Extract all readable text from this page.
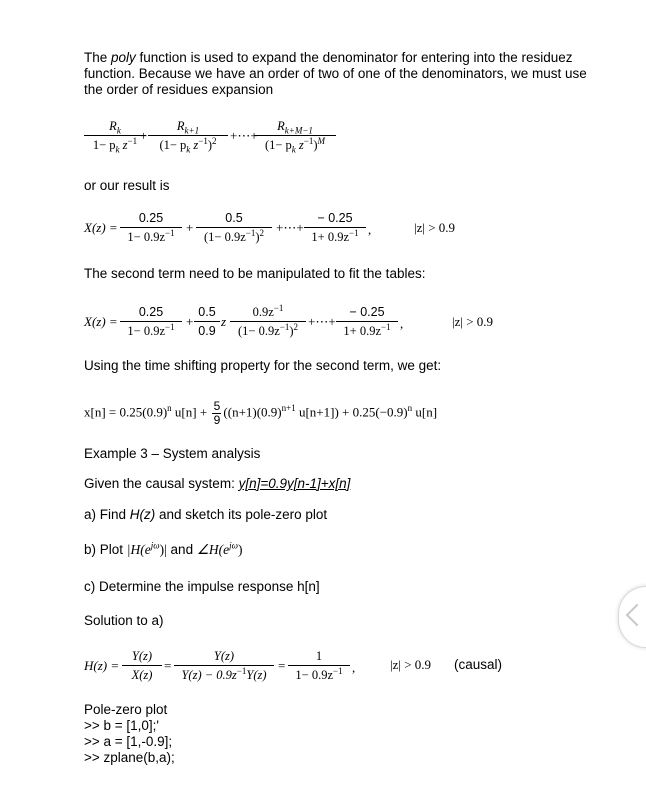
The poly function is used to expand the denominator for entering into the residuez function. Because we have an order of two of one of the denominators, we must use the order of residues expansion

$R_k$
$1- p_k$ $z^{-1}$ +
$R_{k+1}$
($1- p_k$ $z^{-1})^2$	+⋯+
$R_{k+M-1}$
($1- p_k$ $z^{-1})^M$

or our result is

X(z) =
0.25
$1- 0.9z^{-1}$ +
0.5
$(1- 0.9z^{-1})^2$ +⋯+
− 0.25
$1+ 0.9z^{-1}$ ,	|z| > 0.9

The second term need to be manipulated to fit the tables:

X(z) =
0.25
$1- 0.9z^{-1}$ +
0.5
0.9
z
$0.9z^{-1}$
$(1- 0.9z^{-1})^2$ +⋯+
− 0.25
$1+ 0.9z^{-1}$ ,	|z| > 0.9

Using the time shifting property for the second term, we get:

$x[n] = 0.25(0.9)^n$ $u[n] + \frac{5}{9} ((n+1)(0.9)^{n+1}$ $u[n+1]) + 0.25(-0.9)^n$ u[n]

Example 3 – System analysis

Given the causal system: y[n]=0.9y[n-1]+x[n]

a) Find H(z) and sketch its pole-zero plot

b) Plot $|H(e^{j\omega})|$ and $\angle H(e^{j\omega})$

c) Determine the impulse response h[n]

Solution to a)

H(z) =
Y(z)
X(z)
=
Y(z)
$Y(z) - 0.9z^{-1}Y(z)$
=
1
$1- 0.9z^{-1}$ ,	|z| > 0.9 (causal)
Pole-zero plot
>> b = [1,0];'
>> a = [1,-0.9];
>> zplane(b,a);
